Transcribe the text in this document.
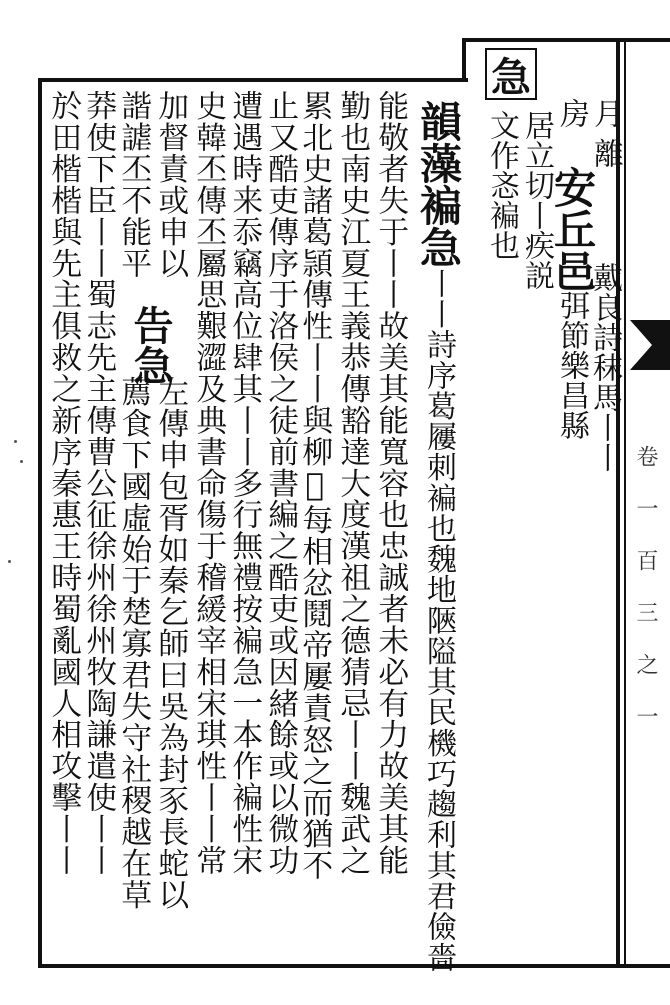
卷一百三之一
急
居立切丨疾説
文作忞褊也 房 月
離
安丘邑
戴良詩秣馬丨丨
弭節樂昌縣
韻藻褊急丨丨詩序葛屨刺褊也魏地陿隘其民機巧趨利其君儉嗇
能敬者失于丨丨故美其能寬容也忠誠者未必有力故美其能
勤也南史江夏王義恭傳豁達大度漢祖之德猜忌丨丨魏武之
累北史諸葛頴傳性丨丨與柳𧦬每相忿鬩帝屢責怒之而猶不
止又酷吏傳序于洛侯之徒前書編之酷吏或因緒餘或以微功
遭遇時来忝竊高位肆其丨丨多行無禮按褊急一本作褊性宋
史韓丕傳丕屬思艱澀及典書命傷于稽緩宰相宋琪性丨丨常
加督責或申以
諧謔丕不能平
告急
左傳申包胥如秦乞師曰吳為封豕長蛇以
薦食下國虛始于楚寡君失守社稷越在草
莽使下臣丨丨蜀志先主傳曹公征徐州徐州牧陶謙遣使丨丨
於田楷楷與先主俱救之新序秦惠王時蜀亂國人相攻擊丨丨
